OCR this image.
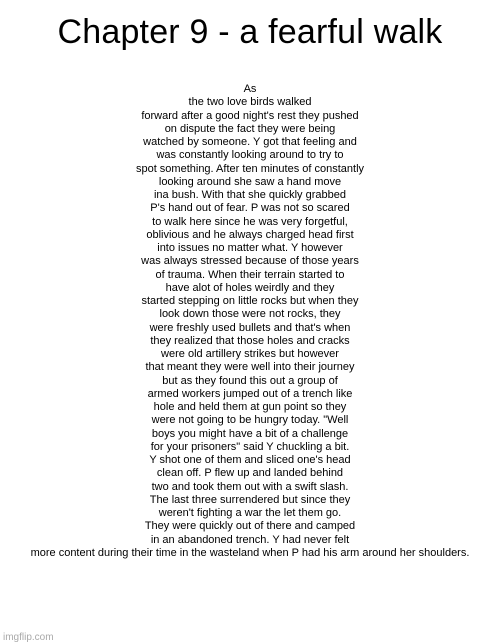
Chapter 9 - a fearful walk
As
the two love birds walked
forward after a good night's rest they pushed
on dispute the fact they were being
watched by someone. Y got that feeling and
was constantly looking around to try to
spot something. After ten minutes of constantly
looking around she saw a hand move
ina bush. With that she quickly grabbed
P's hand out of fear. P was not so scared
to walk here since he was very forgetful,
oblivious and he always charged head first
into issues no matter what. Y however
was always stressed because of those years
of trauma. When their terrain started to
have alot of holes weirdly and they
started stepping on little rocks but when they
look down those were not rocks, they
were freshly used bullets and that's when
they realized that those holes and cracks
were old artillery strikes but however
that meant they were well into their journey
but as they found this out a group of
armed workers jumped out of a trench like
hole and held them at gun point so they
were not going to be hungry today. "Well
boys you might have a bit of a challenge
for your prisoners" said Y chuckling a bit.
Y shot one of them and sliced one's head
clean off. P flew up and landed behind
two and took them out with a swift slash.
The last three surrendered but since they
weren't fighting a war the let them go.
They were quickly out of there and camped
in an abandoned trench. Y had never felt
more content during their time in the wasteland when P had his arm around her shoulders.
imgflip.com
